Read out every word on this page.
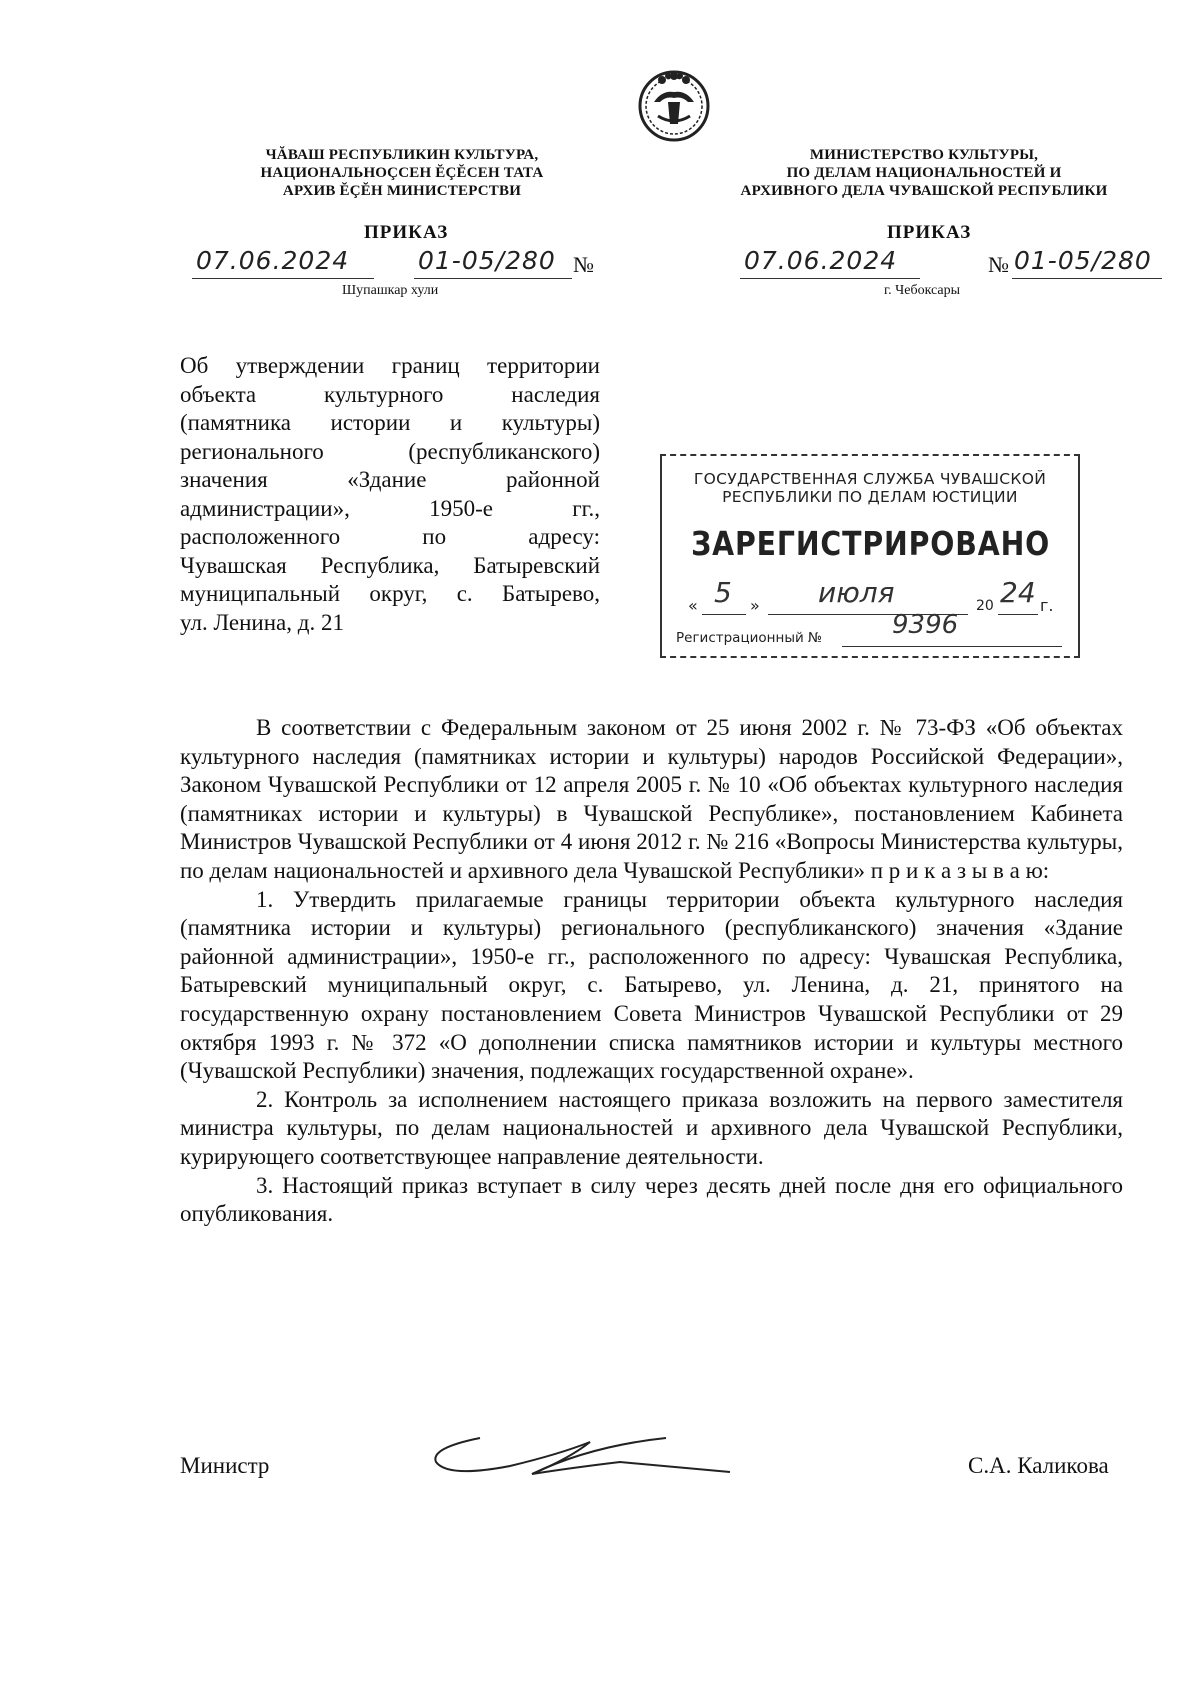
ЧĂВАШ РЕСПУБЛИКИН КУЛЬТУРА,
НАЦИОНАЛЬНОÇСЕН ĔÇĔСЕН ТАТА
АРХИВ ĔÇĔН МИНИСТЕРСТВИ
ПРИКАЗ
07.06.2024	01-05/280 №
Шупашкар хули
МИНИСТЕРСТВО КУЛЬТУРЫ,
ПО ДЕЛАМ НАЦИОНАЛЬНОСТЕЙ И
АРХИВНОГО ДЕЛА ЧУВАШСКОЙ РЕСПУБЛИКИ
ПРИКАЗ
07.06.2024	№ 01-05/280
г. Чебоксары
Об утверждении границ территории
объекта культурного наследия
(памятника истории и культуры)
регионального (республиканского)
значения «Здание районной
администрации», 1950-е гг.,
расположенного по адресу:
Чувашская Республика, Батыревский
муниципальный округ, с. Батырево,
ул. Ленина, д. 21
ГОСУДАРСТВЕННАЯ СЛУЖБА ЧУВАШСКОЙ
РЕСПУБЛИКИ ПО ДЕЛАМ ЮСТИЦИИ
ЗАРЕГИСТРИРОВАНО
« 5 » июля	20 24 г.
Регистрационный №	9396

В соответствии с Федеральным законом от 25 июня 2002 г. № 73-ФЗ «Об объектах культурного наследия (памятниках истории и культуры) народов Российской Федерации», Законом Чувашской Республики от 12 апреля 2005 г. № 10 «Об объектах культурного наследия (памятниках истории и культуры) в Чувашской Республике», постановлением Кабинета Министров Чувашской Республики от 4 июня 2012 г. № 216 «Вопросы Министерства культуры, по делам национальностей и архивного дела Чувашской Республики» п р и к а з ы в а ю:

1. Утвердить прилагаемые границы территории объекта культурного наследия (памятника истории и культуры) регионального (республиканского) значения «Здание районной администрации», 1950-е гг., расположенного по адресу: Чувашская Республика, Батыревский муниципальный округ, с. Батырево, ул. Ленина, д. 21, принятого на государственную охрану постановлением Совета Министров Чувашской Республики от 29 октября 1993 г. № 372 «О дополнении списка памятников истории и культуры местного (Чувашской Республики) значения, подлежащих государственной охране».

2. Контроль за исполнением настоящего приказа возложить на первого заместителя министра культуры, по делам национальностей и архивного дела Чувашской Республики, курирующего соответствующее направление деятельности.

3. Настоящий приказ вступает в силу через десять дней после дня его официального опубликования.

Министр	С.А. Каликова
